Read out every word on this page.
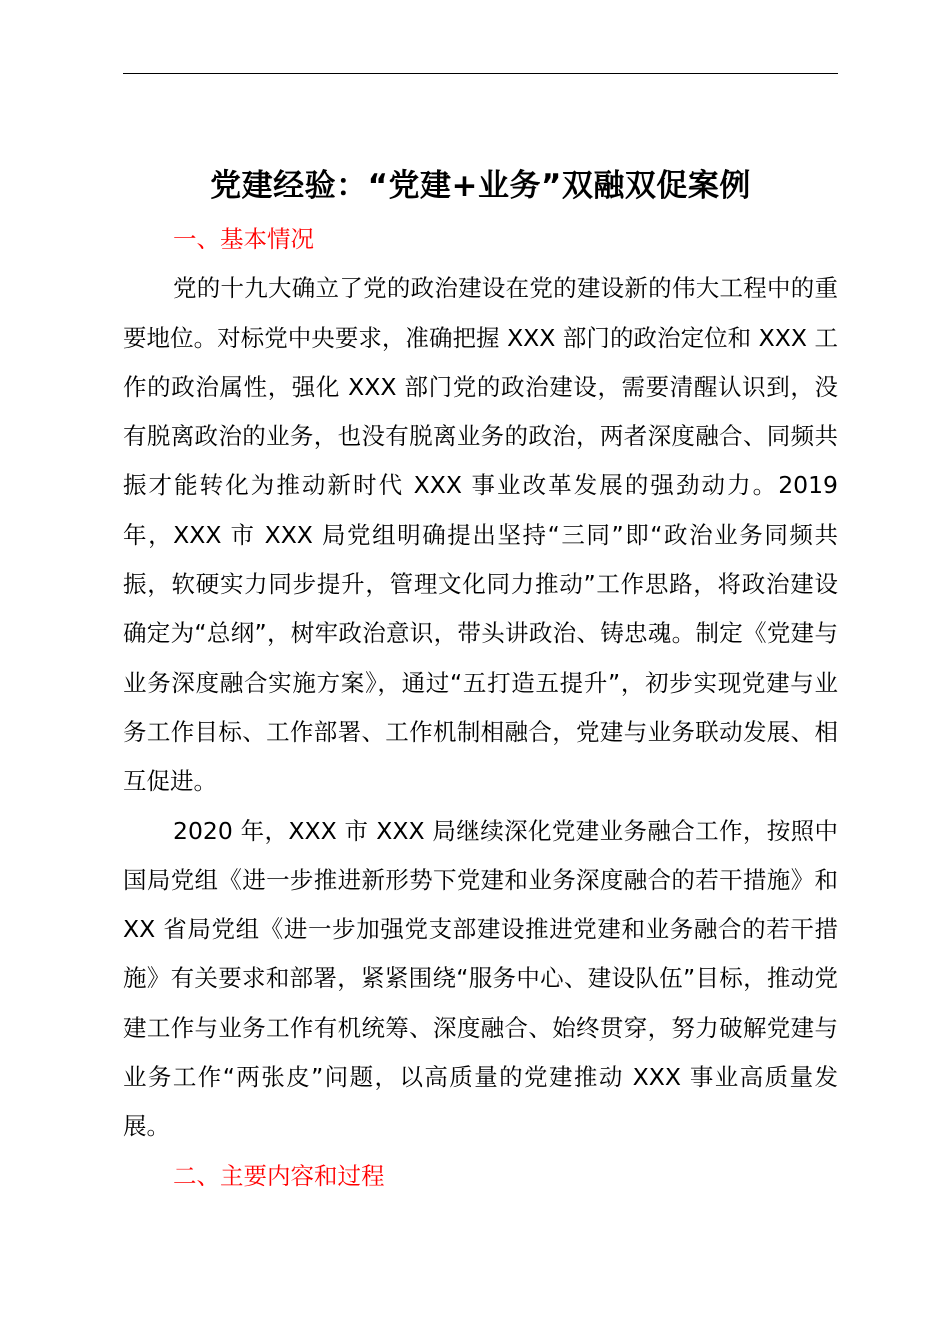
党建经验：“党建+业务”双融双促案例

一、基本情况

党的十九大确立了党的政治建设在党的建设新的伟大工程中的重要地位。对标党中央要求，准确把握 XXX 部门的政治定位和 XXX 工作的政治属性，强化 XXX 部门党的政治建设，需要清醒认识到，没有脱离政治的业务，也没有脱离业务的政治，两者深度融合、同频共振才能转化为推动新时代 XXX 事业改革发展的强劲动力。2019 年，XXX 市 XXX 局党组明确提出坚持“三同”即“政治业务同频共振，软硬实力同步提升，管理文化同力推动”工作思路，将政治建设确定为“总纲”，树牢政治意识，带头讲政治、铸忠魂。制定《党建与业务深度融合实施方案》，通过“五打造五提升”，初步实现党建与业务工作目标、工作部署、工作机制相融合，党建与业务联动发展、相互促进。

2020 年，XXX 市 XXX 局继续深化党建业务融合工作，按照中国局党组《进一步推进新形势下党建和业务深度融合的若干措施》和 XX 省局党组《进一步加强党支部建设推进党建和业务融合的若干措施》有关要求和部署，紧紧围绕“服务中心、建设队伍”目标，推动党建工作与业务工作有机统筹、深度融合、始终贯穿，努力破解党建与业务工作“两张皮”问题，以高质量的党建推动 XXX 事业高质量发展。

二、主要内容和过程
